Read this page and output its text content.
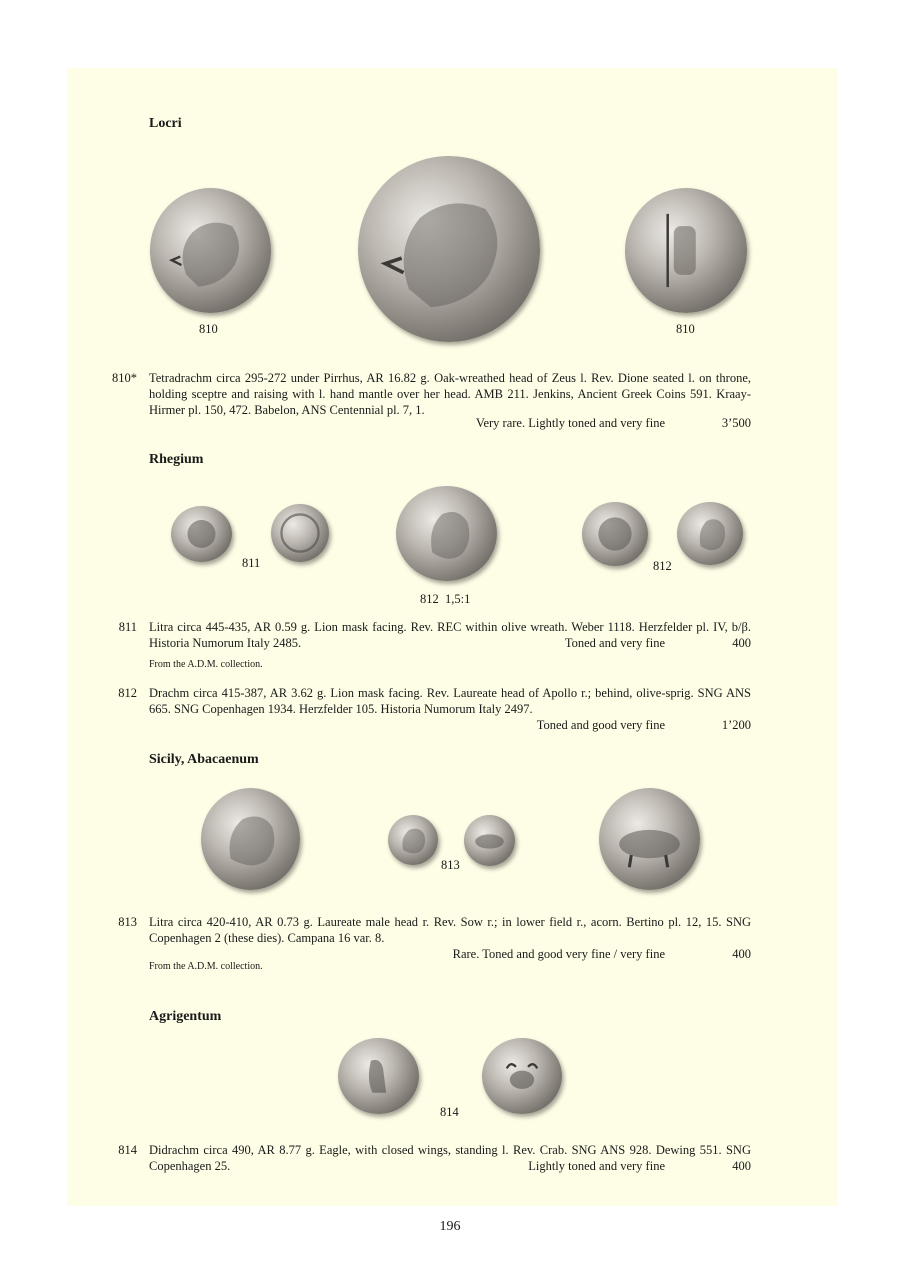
Locri
810	810
810* Tetradrachm circa 295-272 under Pirrhus, AR 16.82 g. Oak-wreathed head of Zeus l. Rev. Dione seated l. on throne, holding sceptre and raising with l. hand mantle over her head. AMB 211. Jenkins, Ancient Greek Coins 591. Kraay-Hirmer pl. 150, 472. Babelon, ANS Centennial pl. 7, 1.
Very rare. Lightly toned and very fine	3’500
Rhegium
811
812  1,5:1
812
811 Litra circa 445-435, AR 0.59 g. Lion mask facing. Rev. REC within olive wreath. Weber 1118. Herzfelder pl. IV, b/β. Historia Numorum Italy 2485.	Toned and very fine	400
From the A.D.M. collection.
812 Drachm circa 415-387, AR 3.62 g. Lion mask facing. Rev. Laureate head of Apollo r.; behind, olive-sprig. SNG ANS 665. SNG Copenhagen 1934. Herzfelder 105. Historia Numorum Italy 2497.
Toned and good very fine	1’200
Sicily, Abacaenum
813
813 Litra circa 420-410, AR 0.73 g. Laureate male head r. Rev. Sow r.; in lower field r., acorn. Bertino pl. 12, 15. SNG Copenhagen 2 (these dies). Campana 16 var. 8.
Rare. Toned and good very fine / very fine	400
From the A.D.M. collection.
Agrigentum
814
814 Didrachm circa 490, AR 8.77 g. Eagle, with closed wings, standing l. Rev. Crab. SNG ANS 928. Dewing 551. SNG Copenhagen 25.	Lightly toned and very fine	400
196
